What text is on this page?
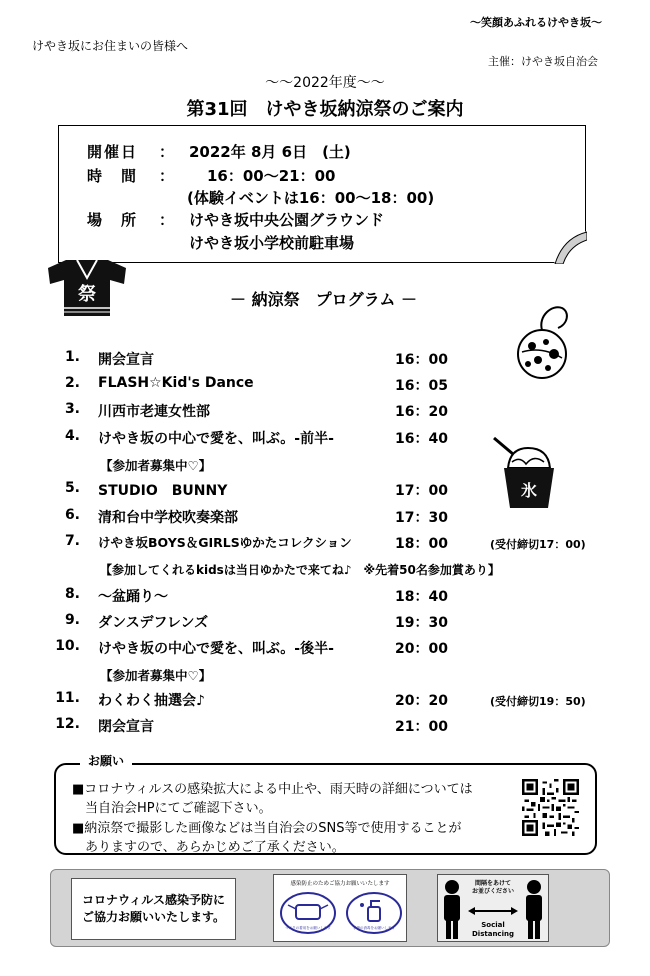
～笑顔あふれるけやき坂～
けやき坂にお住まいの皆様へ
主催：けやき坂自治会
～～2022年度～～
第31回　けやき坂納涼祭のご案内
開催日 ： 2022年 8月 6日　(土)
時　間 ： 16：00～21：00
(体験イベントは16：00～18：00)
場　所 ： けやき坂中央公園グラウンド
けやき坂小学校前駐車場
祭	－ 納涼祭　プログラム －
氷
1. 開会宣言	16：00
2. FLASH☆Kid's Dance	16：05
3. 川西市老連女性部	16：20
4. けやき坂の中心で愛を、叫ぶ。-前半-	16：40
【参加者募集中♡】
5. STUDIO　BUNNY	17：00
6. 清和台中学校吹奏楽部	17：30
7. けやき坂BOYS＆GIRLSゆかたコレクション	18：00	(受付締切17：00)
【参加してくれるkidsは当日ゆかたで来てね♪　※先着50名参加賞あり】
8. ～盆踊り～	18：40
9. ダンスデフレンズ	19：30
10. けやき坂の中心で愛を、叫ぶ。-後半-	20：00
【参加者募集中♡】
11. わくわく抽選会♪	20：20	(受付締切19：50)
12. 閉会宣言	21：00
お願い
■コロナウィルスの感染拡大による中止や、雨天時の詳細については
　当自治会HPにてご確認下さい。
■納涼祭で撮影した画像などは当自治会のSNS等で使用することが
　ありますので、あらかじめご了承ください。
コロナウィルス感染予防に
ご協力お願いいたします。
感染防止のためご協力お願いいたします
マスクの着用をお願いします	手指の消毒をお願いします
間隔をあけて
お並びください
Social
Distancing
